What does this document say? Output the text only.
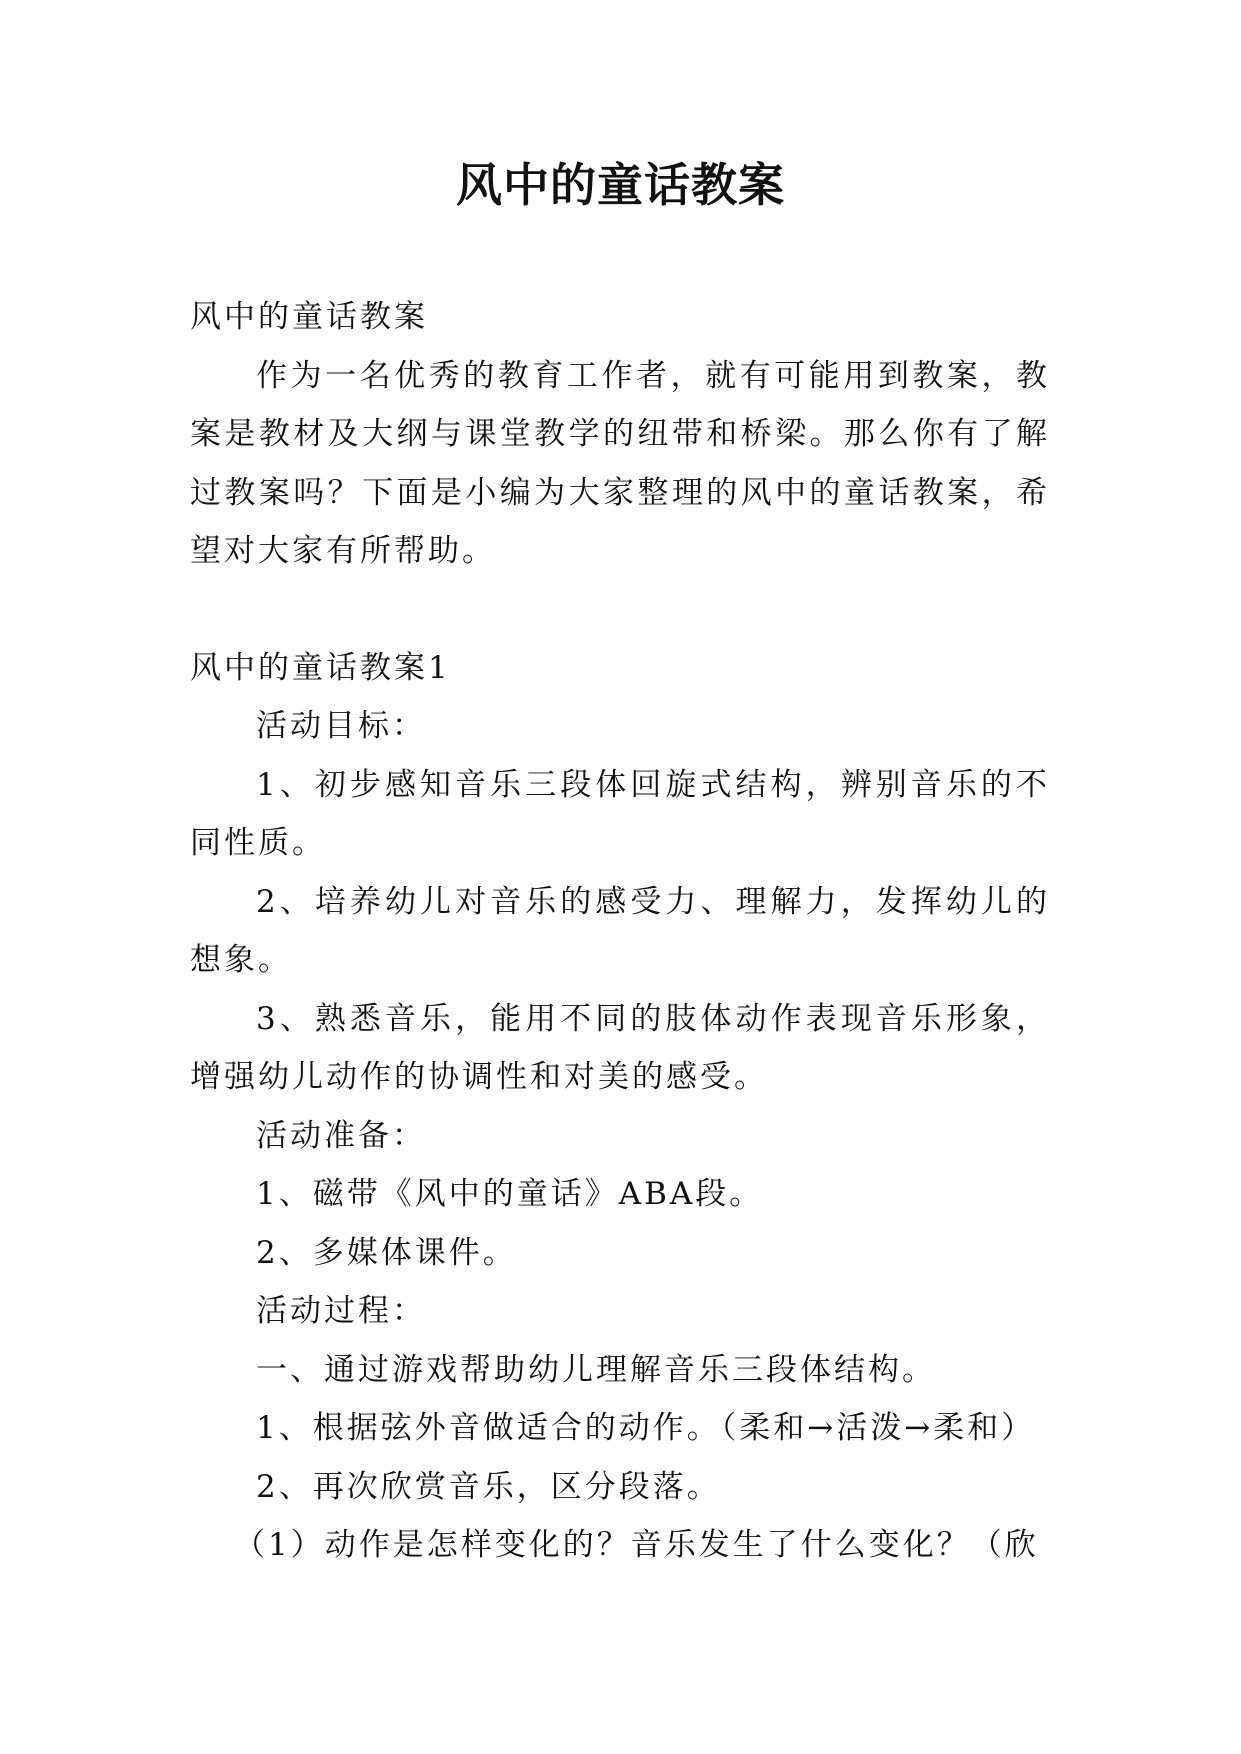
风中的童话教案

风中的童话教案

作为一名优秀的教育工作者，就有可能用到教案，教案是教材及大纲与课堂教学的纽带和桥梁。那么你有了解过教案吗？下面是小编为大家整理的风中的童话教案，希望对大家有所帮助。

风中的童话教案1

活动目标：

1、初步感知音乐三段体回旋式结构，辨别音乐的不同性质。

2、培养幼儿对音乐的感受力、理解力，发挥幼儿的想象。

3、熟悉音乐，能用不同的肢体动作表现音乐形象，增强幼儿动作的协调性和对美的感受。

活动准备：

1、磁带《风中的童话》ABA段。

2、多媒体课件。

活动过程：

一、通过游戏帮助幼儿理解音乐三段体结构。

1、根据弦外音做适合的动作。（柔和→活泼→柔和）

2、再次欣赏音乐，区分段落。

（1）动作是怎样变化的？音乐发生了什么变化？（欣
